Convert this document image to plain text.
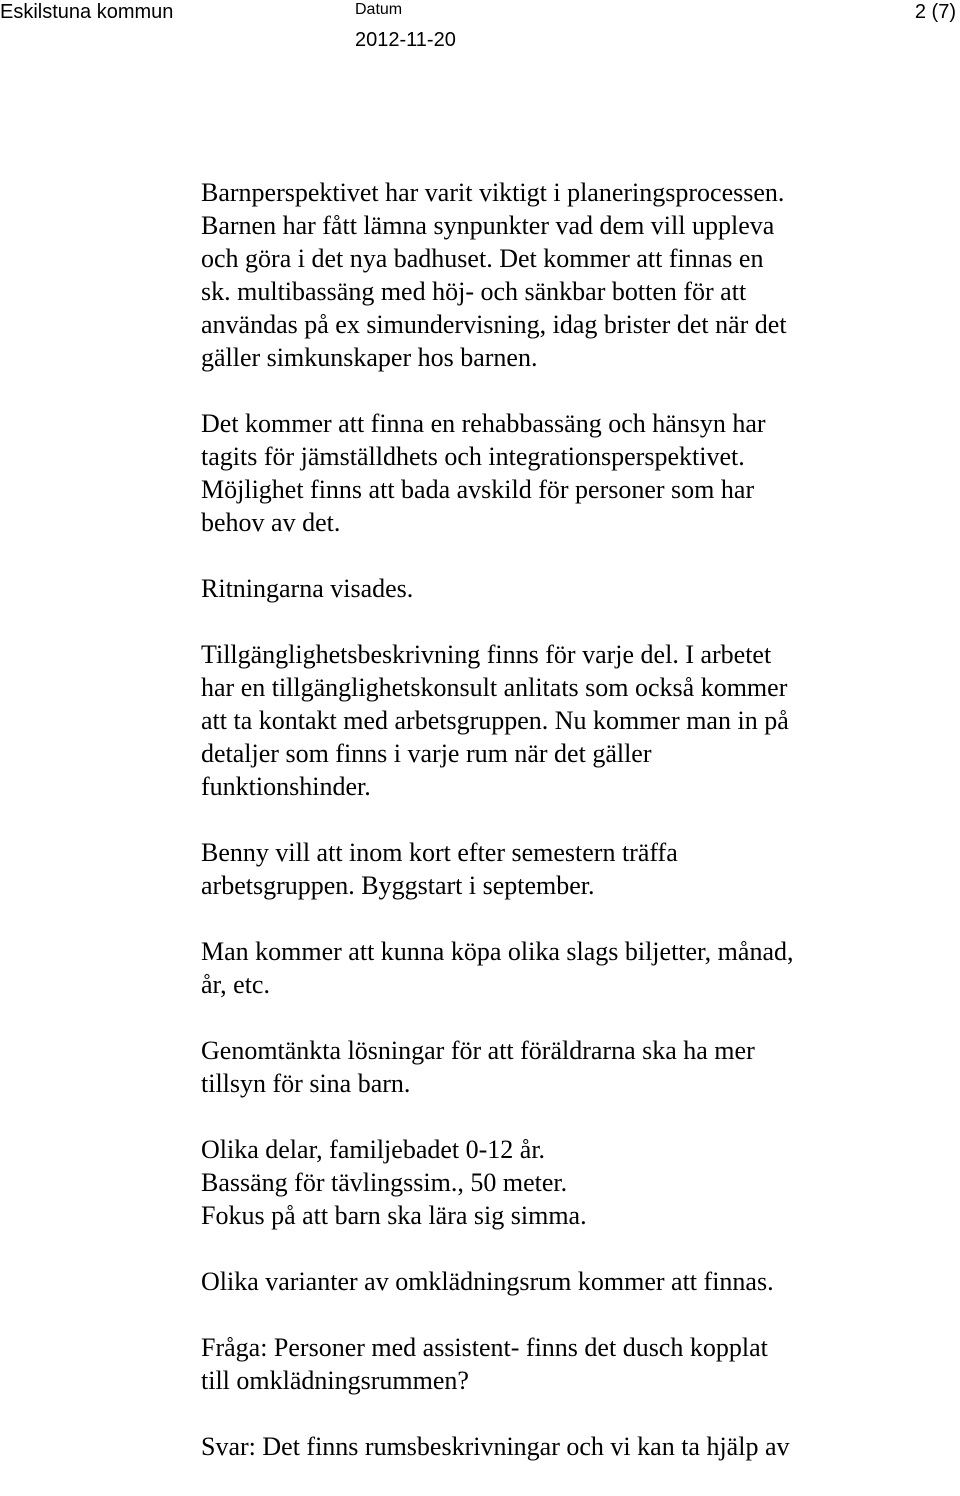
Eskilstuna kommun	Datum
2012-11-20
2 (7)

Barnperspektivet har varit viktigt i planeringsprocessen.
Barnen har fått lämna synpunkter vad dem vill uppleva
och göra i det nya badhuset. Det kommer att finnas en
sk. multibassäng med höj- och sänkbar botten för att
användas på ex simundervisning, idag brister det när det
gäller simkunskaper hos barnen.

Det kommer att finna en rehabbassäng och hänsyn har
tagits för jämställdhets och integrationsperspektivet.
Möjlighet finns att bada avskild för personer som har
behov av det.

Ritningarna visades.

Tillgänglighetsbeskrivning finns för varje del. I arbetet
har en tillgänglighetskonsult anlitats som också kommer
att ta kontakt med arbetsgruppen. Nu kommer man in på
detaljer som finns i varje rum när det gäller
funktionshinder.

Benny vill att inom kort efter semestern träffa
arbetsgruppen. Byggstart i september.

Man kommer att kunna köpa olika slags biljetter, månad,
år, etc.

Genomtänkta lösningar för att föräldrarna ska ha mer
tillsyn för sina barn.

Olika delar, familjebadet 0-12 år.
Bassäng för tävlingssim., 50 meter.
Fokus på att barn ska lära sig simma.

Olika varianter av omklädningsrum kommer att finnas.

Fråga: Personer med assistent- finns det dusch kopplat
till omklädningsrummen?

Svar: Det finns rumsbeskrivningar och vi kan ta hjälp av
